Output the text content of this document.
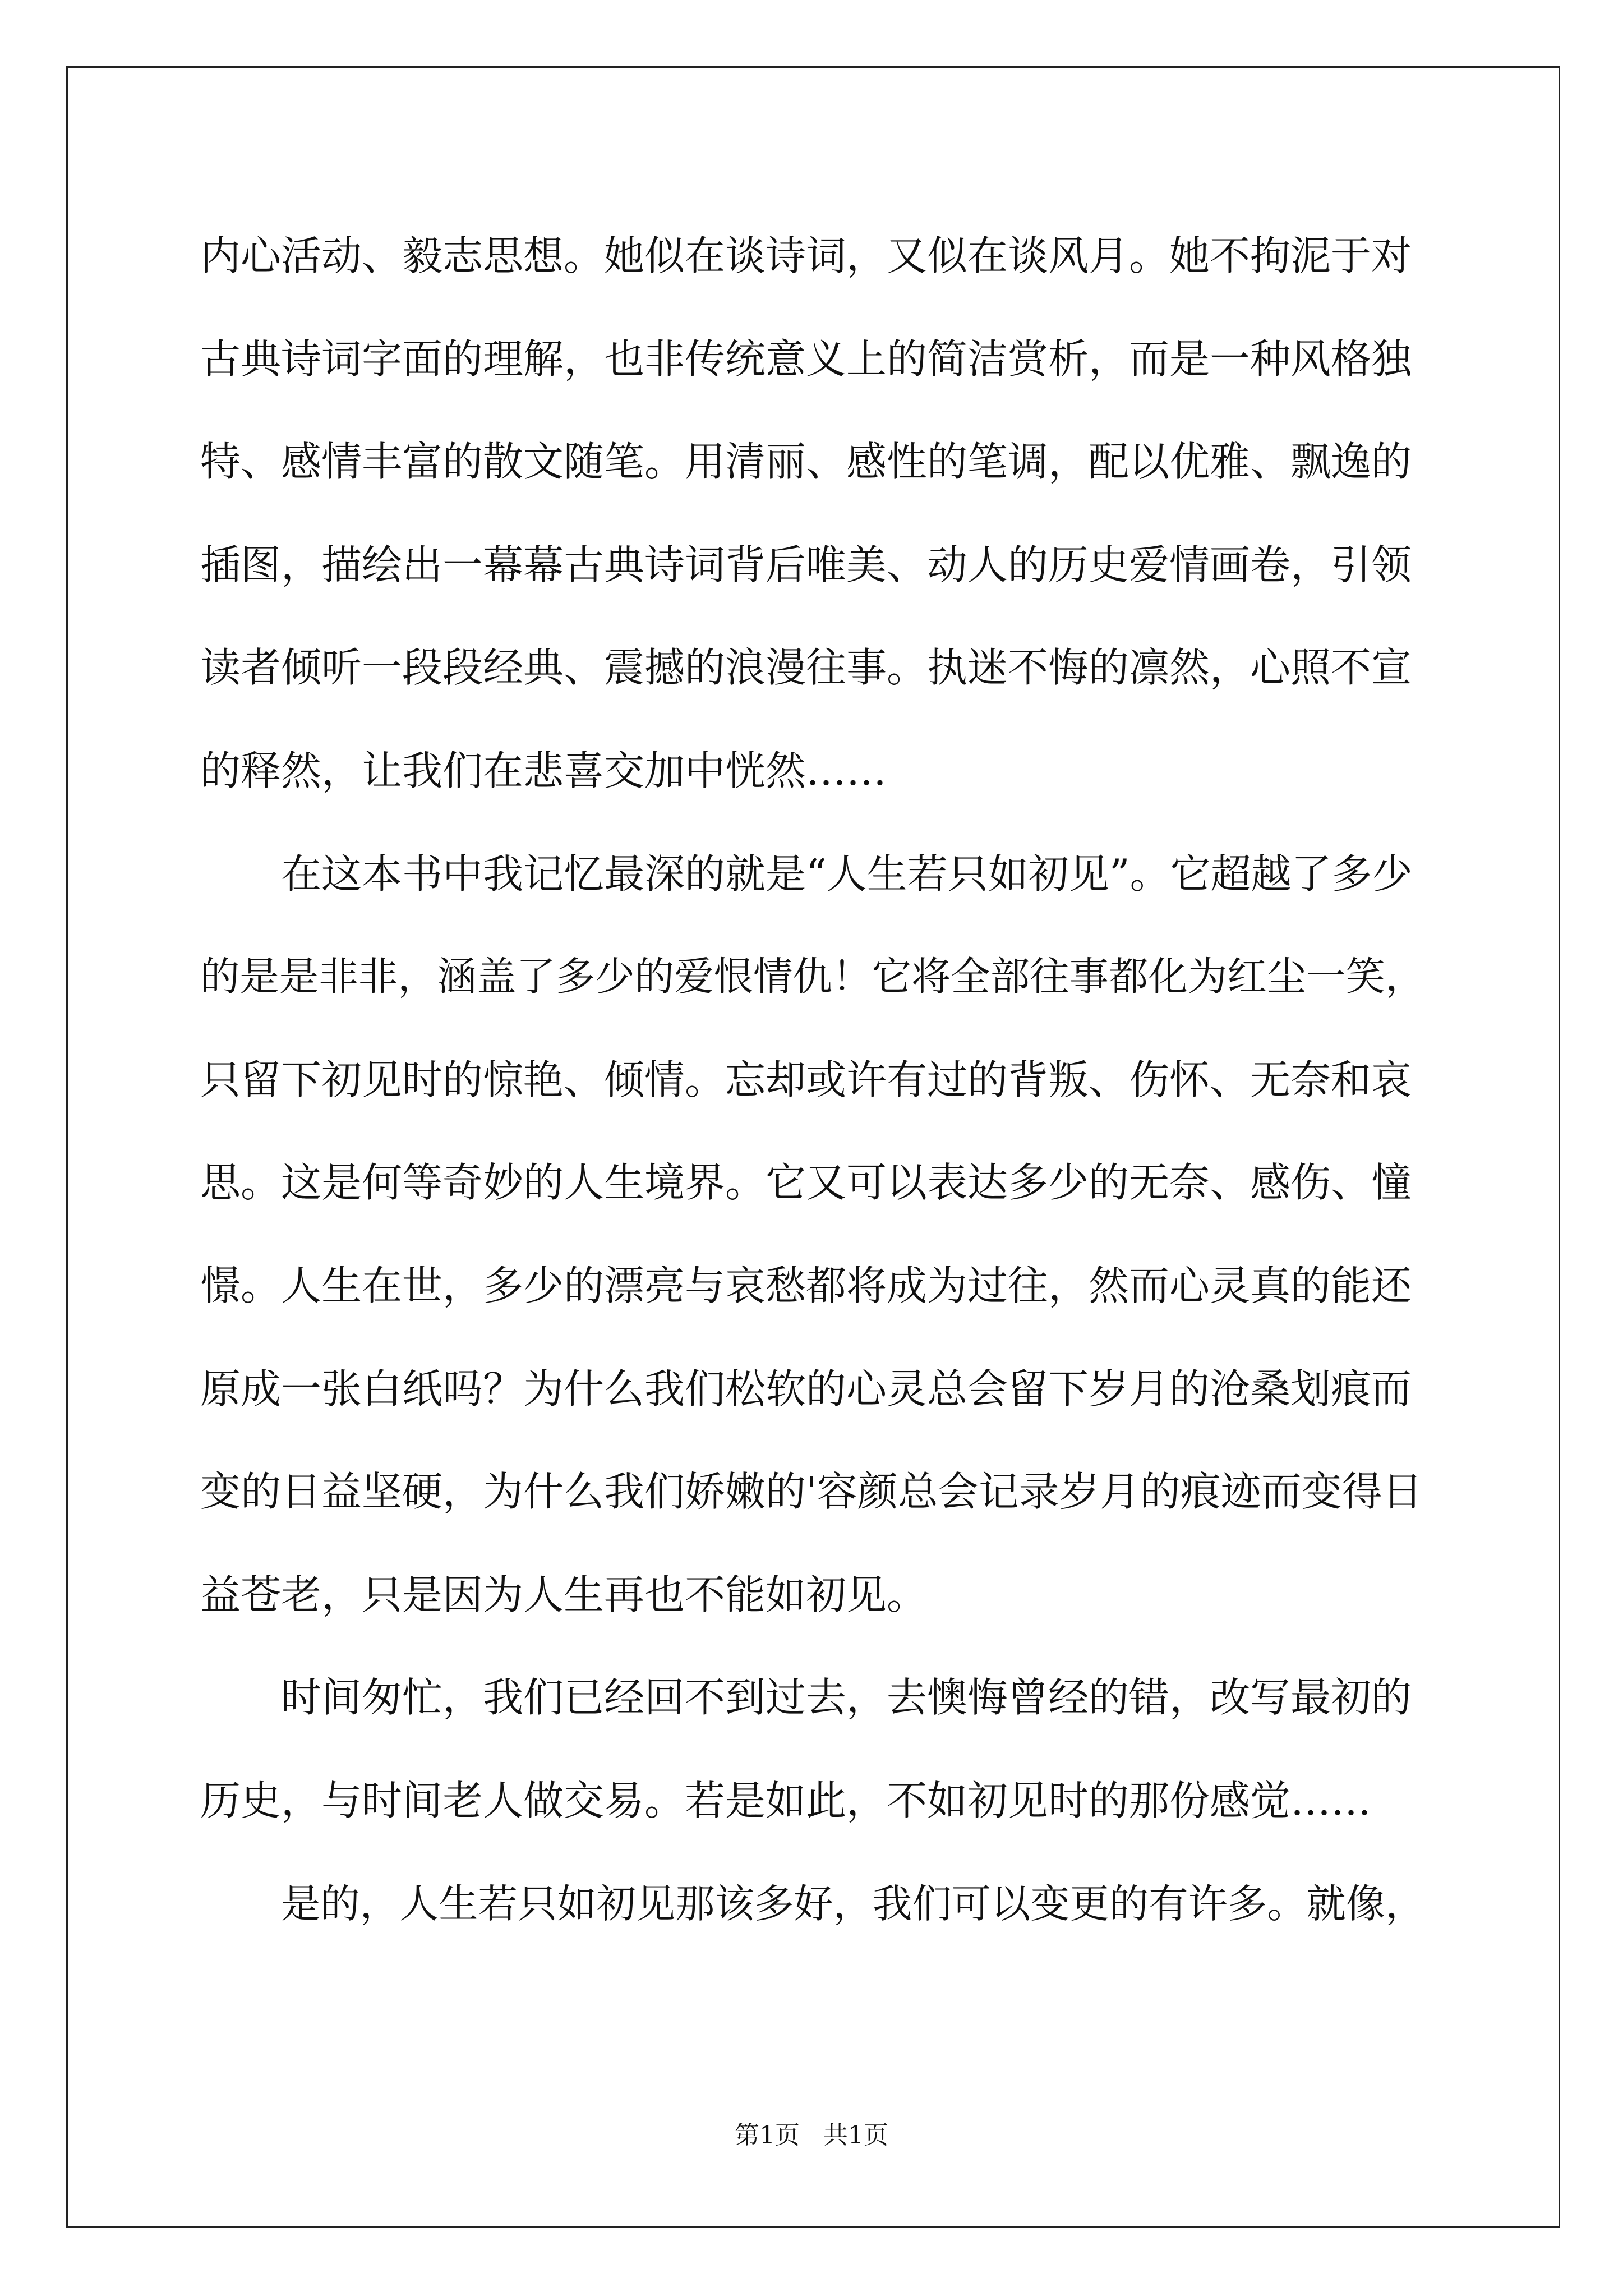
内心活动、毅志思想。她似在谈诗词，又似在谈风月。她不拘泥于对
古典诗词字面的理解，也非传统意义上的简洁赏析，而是一种风格独
特、感情丰富的散文随笔。用清丽、感性的笔调，配以优雅、飘逸的
插图，描绘出一幕幕古典诗词背后唯美、动人的历史爱情画卷，引领
读者倾听一段段经典、震撼的浪漫往事。执迷不悔的凛然，心照不宣
的释然，让我们在悲喜交加中恍然……
在这本书中我记忆最深的就是“人生若只如初见”。它超越了多少
的是是非非，涵盖了多少的爱恨情仇！它将全部往事都化为红尘一笑，
只留下初见时的惊艳、倾情。忘却或许有过的背叛、伤怀、无奈和哀
思。这是何等奇妙的人生境界。它又可以表达多少的无奈、感伤、憧
憬。人生在世，多少的漂亮与哀愁都将成为过往，然而心灵真的能还
原成一张白纸吗？为什么我们松软的心灵总会留下岁月的沧桑划痕而
变的日益坚硬，为什么我们娇嫩的'容颜总会记录岁月的痕迹而变得日
益苍老，只是因为人生再也不能如初见。
时间匆忙，我们已经回不到过去，去懊悔曾经的错，改写最初的
历史，与时间老人做交易。若是如此，不如初见时的那份感觉……
是的，人生若只如初见那该多好，我们可以变更的有许多。就像，
第1页   共1页
